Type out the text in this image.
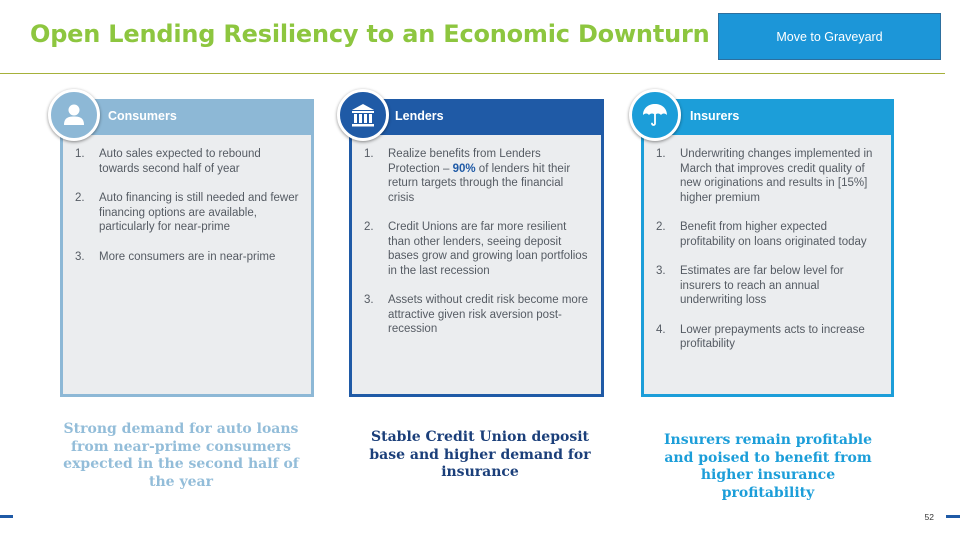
Open Lending Resiliency to an Economic Downturn	Move to Graveyard
Consumers
1.	Auto sales expected to rebound towards second half of year
2.	Auto financing is still needed and fewer financing options are available, particularly for near-prime
3.	More consumers are in near-prime
Lenders
1.	Realize benefits from Lenders Protection – 90% of lenders hit their return targets through the financial crisis
2.	Credit Unions are far more resilient than other lenders, seeing deposit bases grow and growing loan portfolios in the last recession
3.	Assets without credit risk become more attractive given risk aversion post-recession
Insurers
1.	Underwriting changes implemented in March that improves credit quality of new originations and results in [15%] higher premium
2.	Benefit from higher expected profitability on loans originated today
3.	Estimates are far below level for insurers to reach an annual underwriting loss
4.	Lower prepayments acts to increase profitability
Strong demand for auto loans from near-prime consumers expected in the second half of the year
Stable Credit Union deposit base and higher demand for insurance
Insurers remain profitable and poised to benefit from higher insurance profitability
52
